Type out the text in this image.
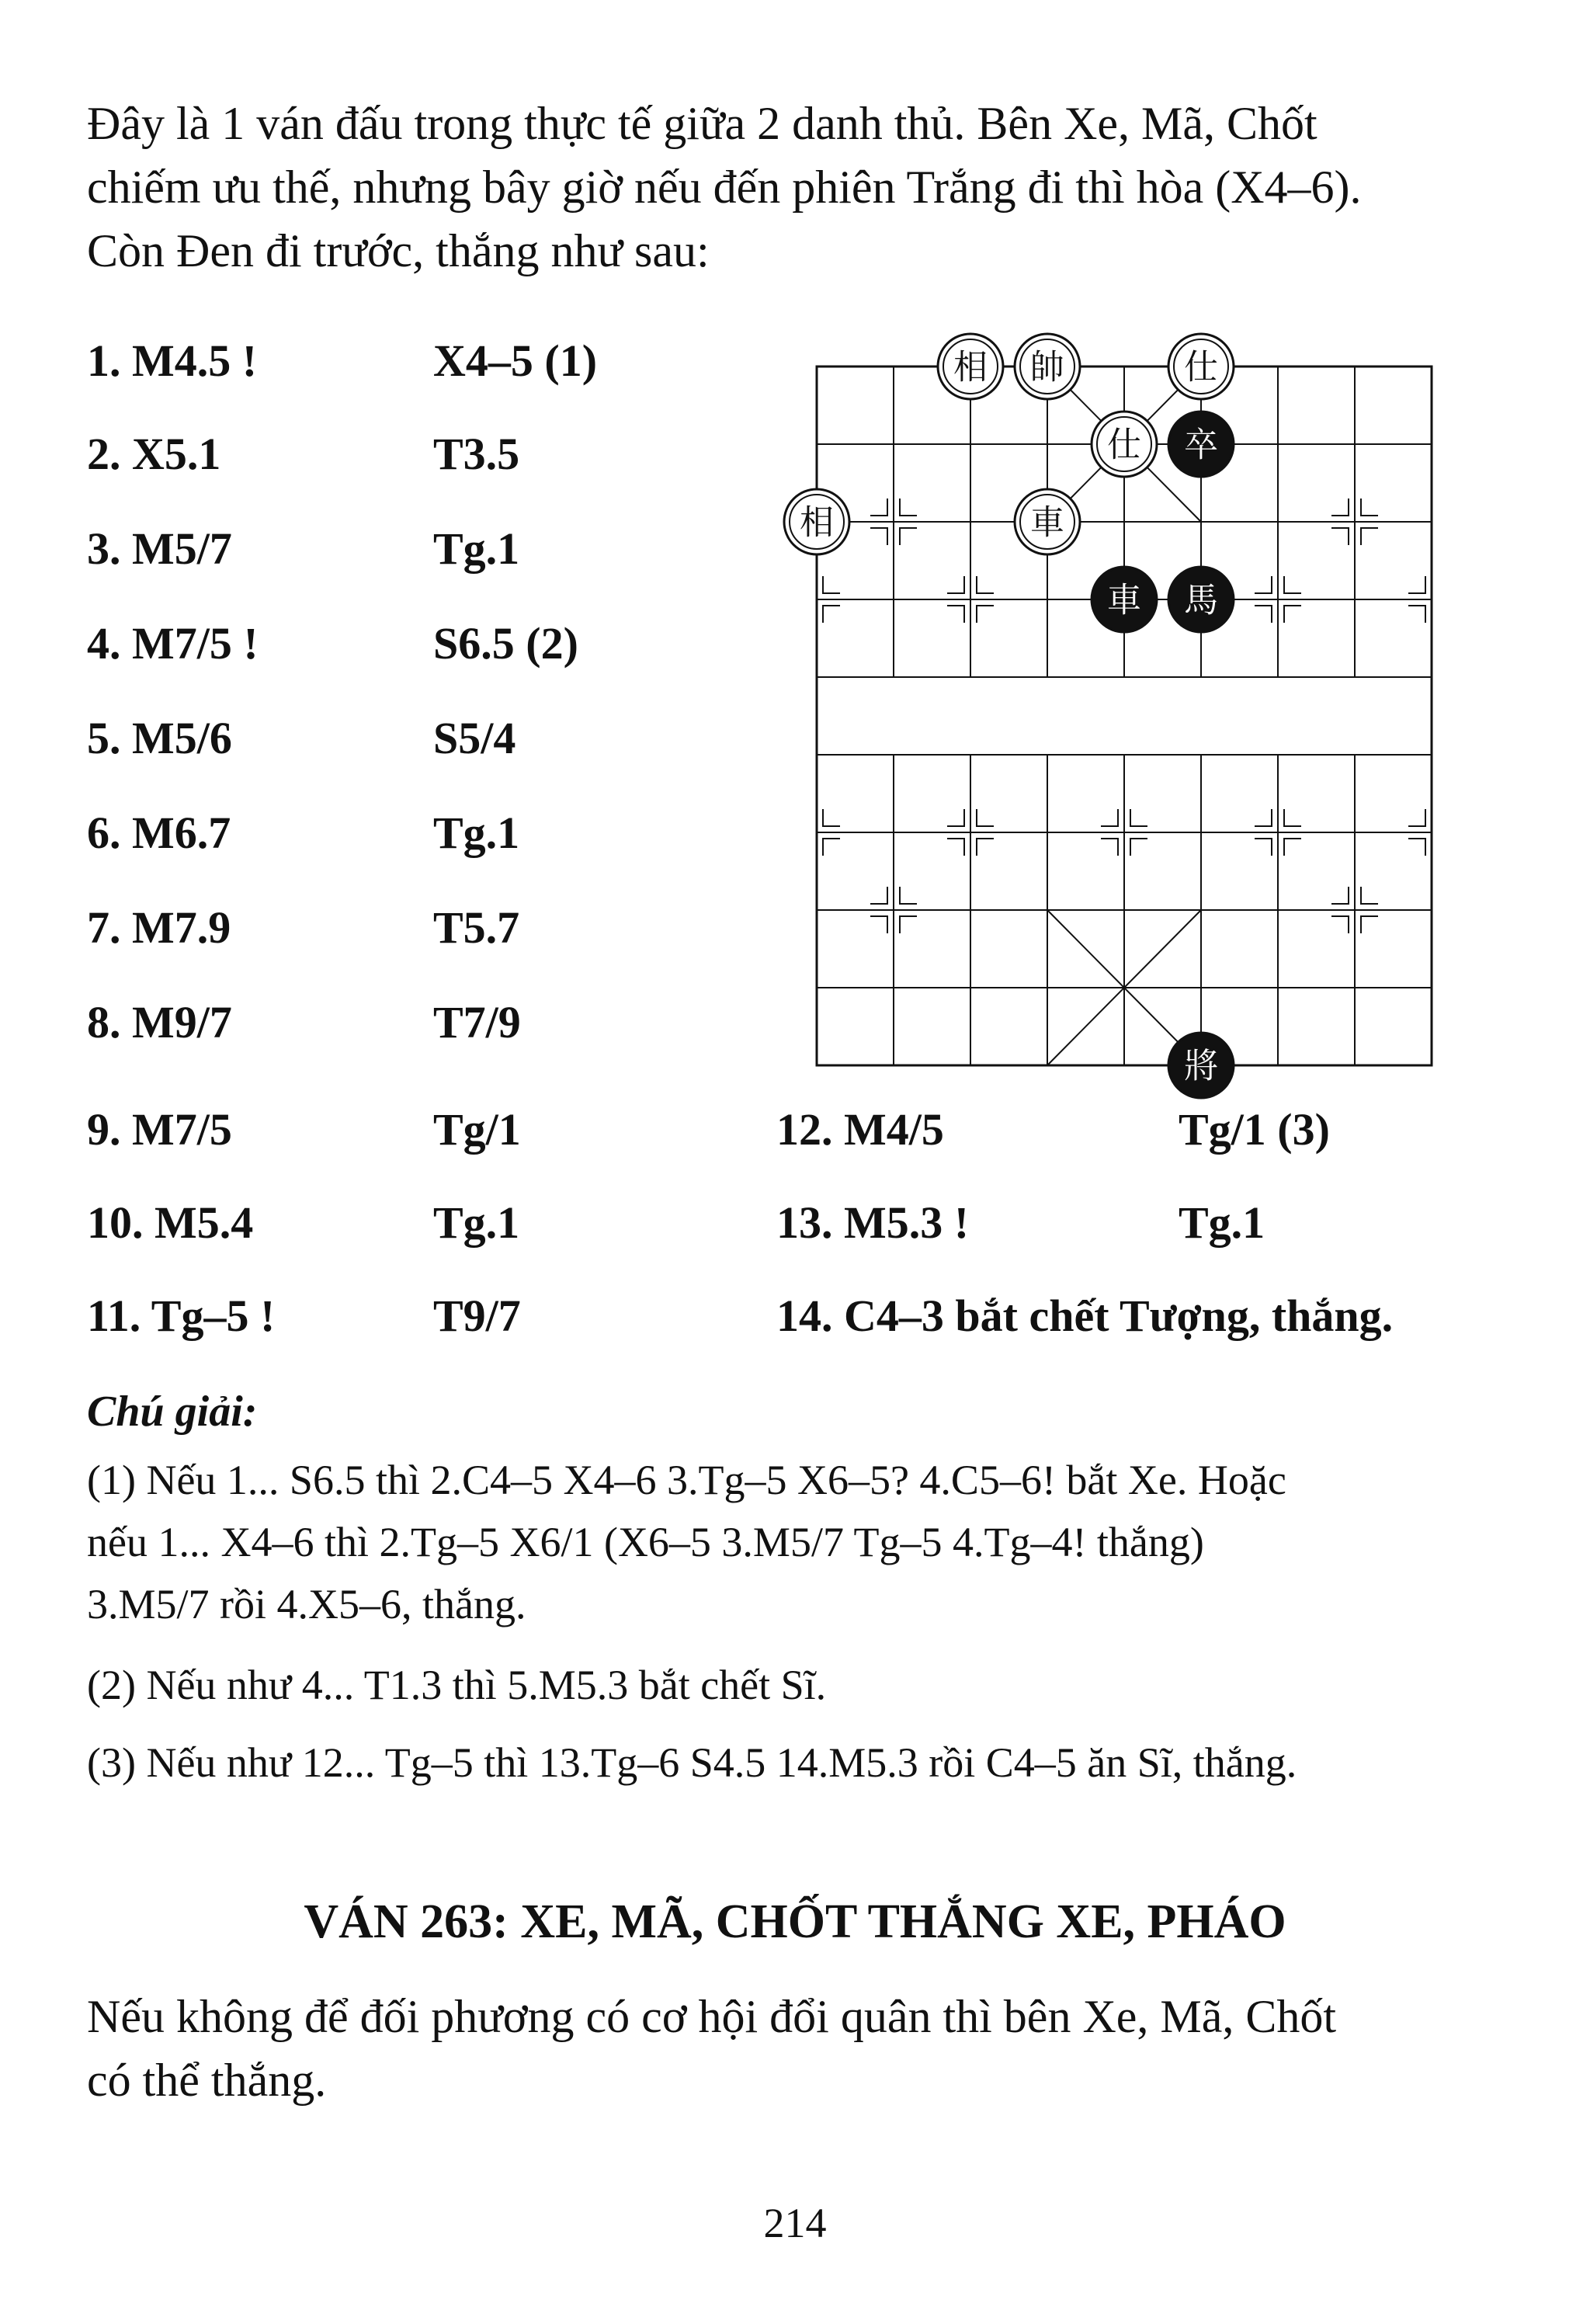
Đây là 1 ván đấu trong thực tế giữa 2 danh thủ. Bên Xe, Mã, Chốt

chiếm ưu thế, nhưng bây giờ nếu đến phiên Trắng đi thì hòa (X4–6).

Còn Đen đi trước, thắng như sau:

1. M4.5 !	X4–5 (1)
2. X5.1	T3.5
3. M5/7	Tg.1
4. M7/5 !	S6.5 (2)
5. M5/6	S5/4
6. M6.7	Tg.1
7. M7.9	T5.7
8. M9/7	T7/9
9. M7/5	Tg/1
10. M5.4	Tg.1
11. Tg–5 !	T9/7
12. M4/5	Tg/1 (3)
13. M5.3 !	Tg.1
14. C4–3 bắt chết Tượng, thắng.
相 帥	仕
仕 卒
相	車
車 馬
將
Chú giải:
(1) Nếu 1... S6.5 thì 2.C4–5 X4–6 3.Tg–5 X6–5? 4.C5–6! bắt Xe. Hoặc
nếu 1... X4–6 thì 2.Tg–5 X6/1 (X6–5 3.M5/7 Tg–5 4.Tg–4! thắng)
3.M5/7 rồi 4.X5–6, thắng.
(2) Nếu như 4... T1.3 thì 5.M5.3 bắt chết Sĩ.
(3) Nếu như 12... Tg–5 thì 13.Tg–6 S4.5 14.M5.3 rồi C4–5 ăn Sĩ, thắng.
VÁN 263: XE, MÃ, CHỐT THẮNG XE, PHÁO

Nếu không để đối phương có cơ hội đổi quân thì bên Xe, Mã, Chốt

có thể thắng.

214
